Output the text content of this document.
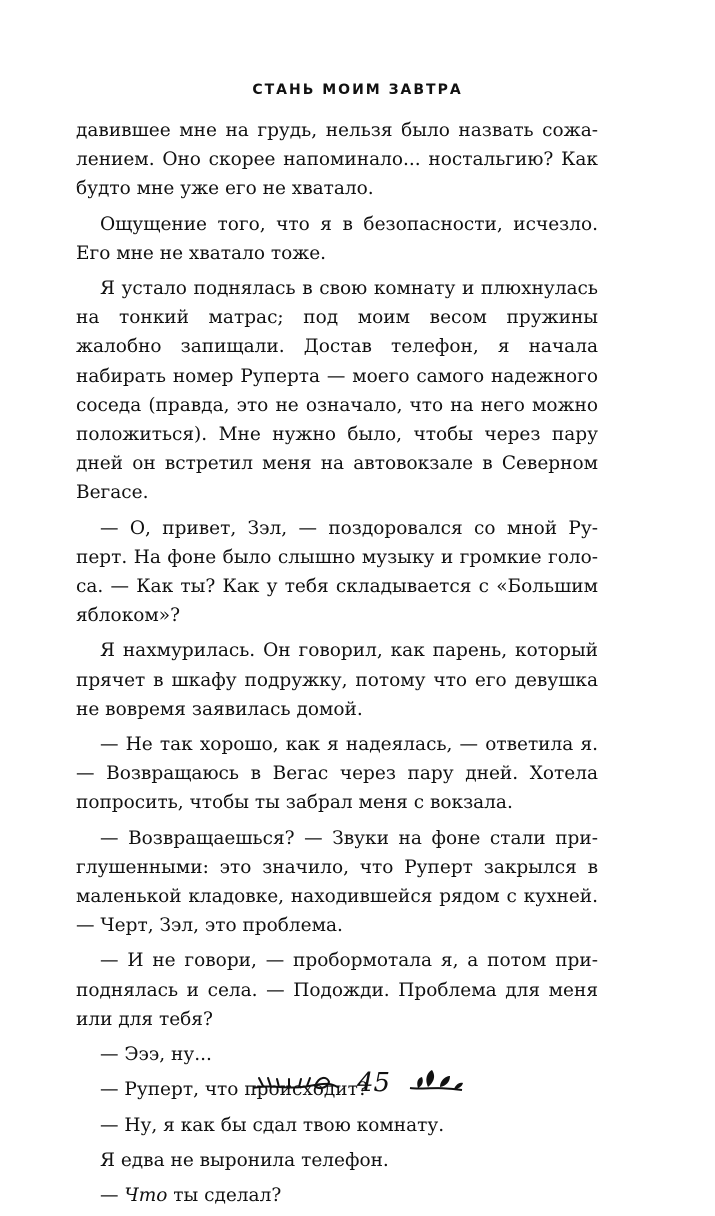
СТАНЬ МОИМ ЗАВТРА

давившее мне на грудь, нельзя было назвать сожалением. Оно скорее напоминало... ностальгию? Как будто мне уже его не хватало.

Ощущение того, что я в безопасности, исчезло. Его мне не хватало тоже.

Я устало поднялась в свою комнату и плюхнулась на тонкий матрас; под моим весом пружины жалобно запищали. Достав телефон, я начала набирать номер Руперта — моего самого надежного соседа (правда, это не означало, что на него можно положиться). Мне нужно было, чтобы через пару дней он встретил меня на автовокзале в Северном Вегасе.

— О, привет, Зэл, — поздоровался со мной Руперт. На фоне было слышно музыку и громкие голоса. — Как ты? Как у тебя складывается с «Большим яблоком»?

Я нахмурилась. Он говорил, как парень, который прячет в шкафу подружку, потому что его девушка не вовремя заявилась домой.

— Не так хорошо, как я надеялась, — ответила я. — Возвращаюсь в Вегас через пару дней. Хотела попросить, чтобы ты забрал меня с вокзала.

— Возвращаешься? — Звуки на фоне стали приглушенными: это значило, что Руперт закрылся в маленькой кладовке, находившейся рядом с кухней. — Черт, Зэл, это проблема.

— И не говори, — пробормотала я, а потом приподнялась и села. — Подожди. Проблема для меня или для тебя?

— Эээ, ну...

— Руперт, что происходит?

— Ну, я как бы сдал твою комнату.

Я едва не выронила телефон.

— Что ты сделал?

45
